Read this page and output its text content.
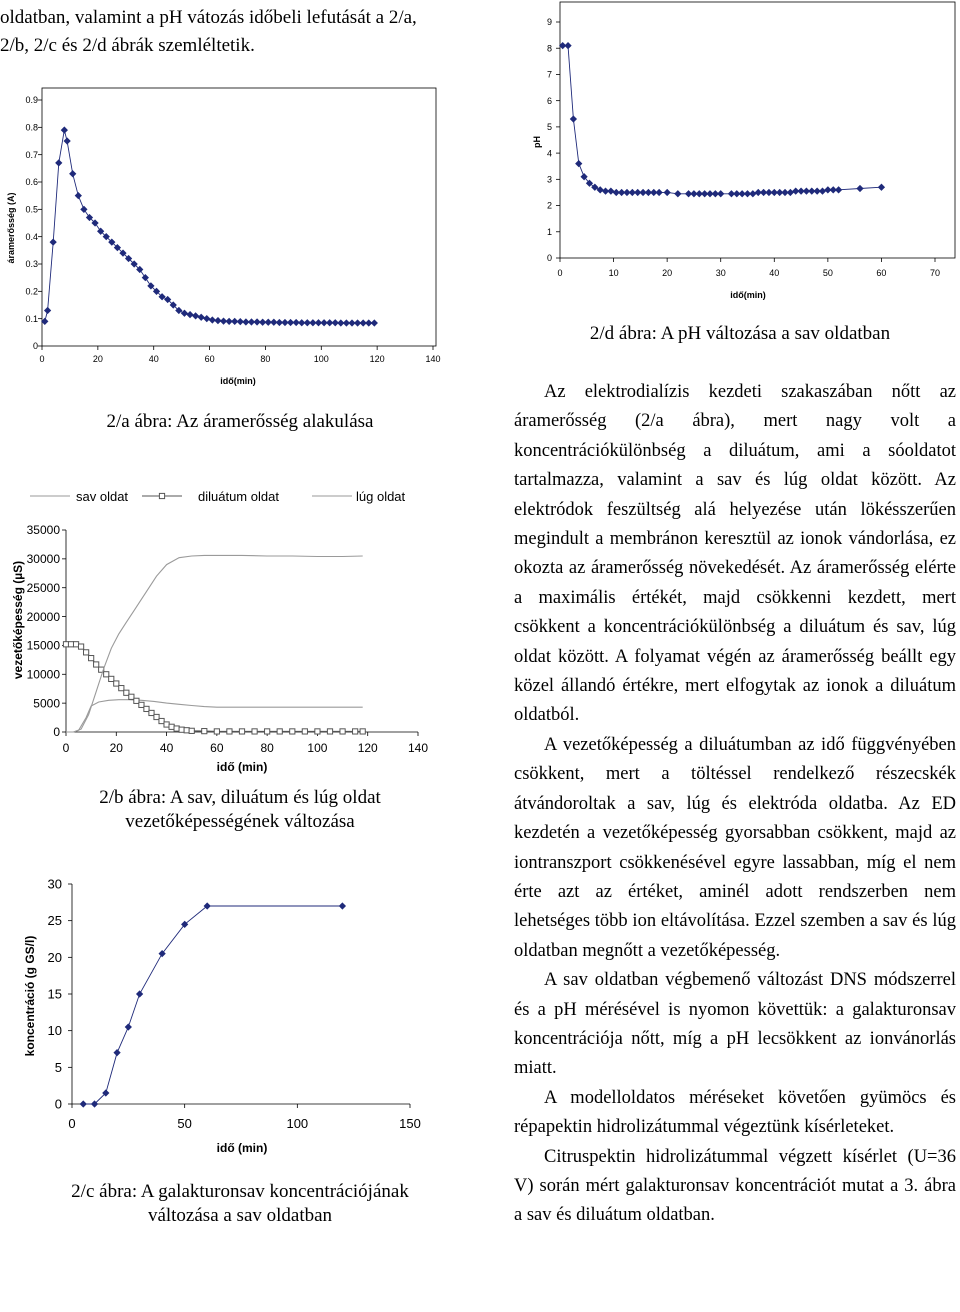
oldatban, valamint a pH vátozás időbeli lefutását a 2/a, 2/b, 2/c és 2/d ábrák szemléltetik.
0	20	40	60	80	100	120	140
0
0.1
0.2
0.3
0.4
0.5
0.6
0.7
0.8
0.9
idő(min)
áramerősség (A)
0	20	40	60	80	100	120	140
0
5000
10000
15000
20000
25000
30000
35000
idő (min)
vezetőképesség (µS)
sav oldat	diluátum oldat	lúg oldat
0	50	100	150
0
5
10
15
20
25
30
idő (min)
koncentráció (g GS/l)
0	10	20	30	40	50	60	70
0
1
2
3
4
5
6
7
8
9
idő(min)
pH
2/a ábra: Az áramerősség alakulása
2/b ábra: A sav, diluátum és lúg oldat
vezetőképességének változása
2/c ábra: A galakturonsav koncentrációjának
változása a sav oldatban
2/d ábra: A pH változása a sav oldatban

Az elektrodialízis kezdeti szakaszában nőtt az áramerősség (2/a ábra), mert nagy volt a koncentrációkülönbség a diluátum, ami a sóoldatot tartalmazza, valamint a sav és lúg oldat között. Az elektródok feszültség alá helyezése után lökésszerűen megindult a membránon keresztül az ionok vándorlása, ez okozta az áramerősség növekedését. Az áramerősség elérte a maximális értékét, majd csökkenni kezdett, mert csökkent a koncentrációkülönbség a diluátum és sav, lúg oldat között. A folyamat végén az áramerősség beállt egy közel állandó értékre, mert elfogytak az ionok a diluátum oldatból.

A vezetőképesség a diluátumban az idő függvényében csökkent, mert a töltéssel rendelkező részecskék átvándoroltak a sav, lúg és elektróda oldatba. Az ED kezdetén a vezetőképesség gyorsabban csökkent, majd az iontranszport csökkenésével egyre lassabban, míg el nem érte azt az értéket, aminél adott rendszerben nem lehetséges több ion eltávolítása. Ezzel szemben a sav és lúg oldatban megnőtt a vezetőképesség.

A sav oldatban végbemenő változást DNS módszerrel és a pH mérésével is nyomon követtük: a galakturonsav koncentrációja nőtt, míg a pH lecsökkent az ionvánorlás miatt.

A modelloldatos méréseket követően gyümöcs és répapektin hidrolizátummal végeztünk kísérleteket.

Citruspektin hidrolizátummal végzett kísérlet (U=36 V) során mért galakturonsav koncentrációt mutat a 3. ábra a sav és diluátum oldatban.
